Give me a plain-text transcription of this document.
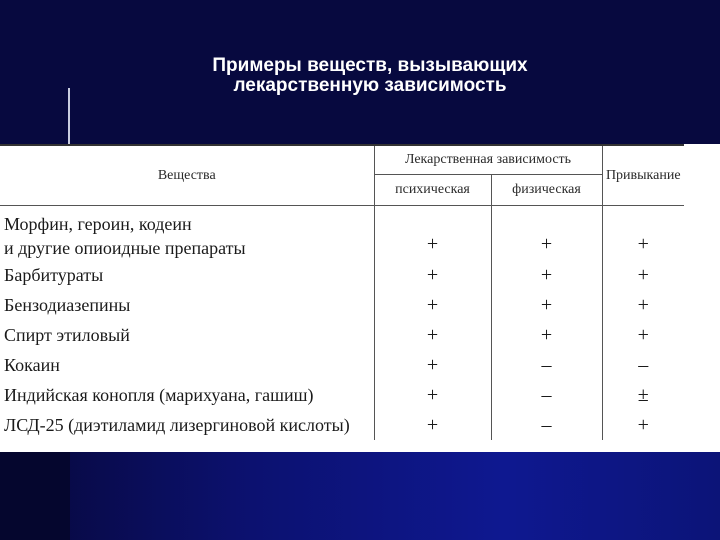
Примеры веществ, вызывающих
лекарственную зависимость
Вещества	Лекарственная зависимость		Привыкание
	психическая	физическая	

Морфин, героин, кодеин
и другие опиоидные препараты	+	+	+
Барбитураты	+	+	+
Бензодиазепины	+	+	+
Спирт этиловый	+	+	+
Кокаин	+	–	–
Индийская конопля (марихуана, гашиш)	+	–	±
ЛСД-25 (диэтиламид лизергиновой кислоты)	+	–	+
